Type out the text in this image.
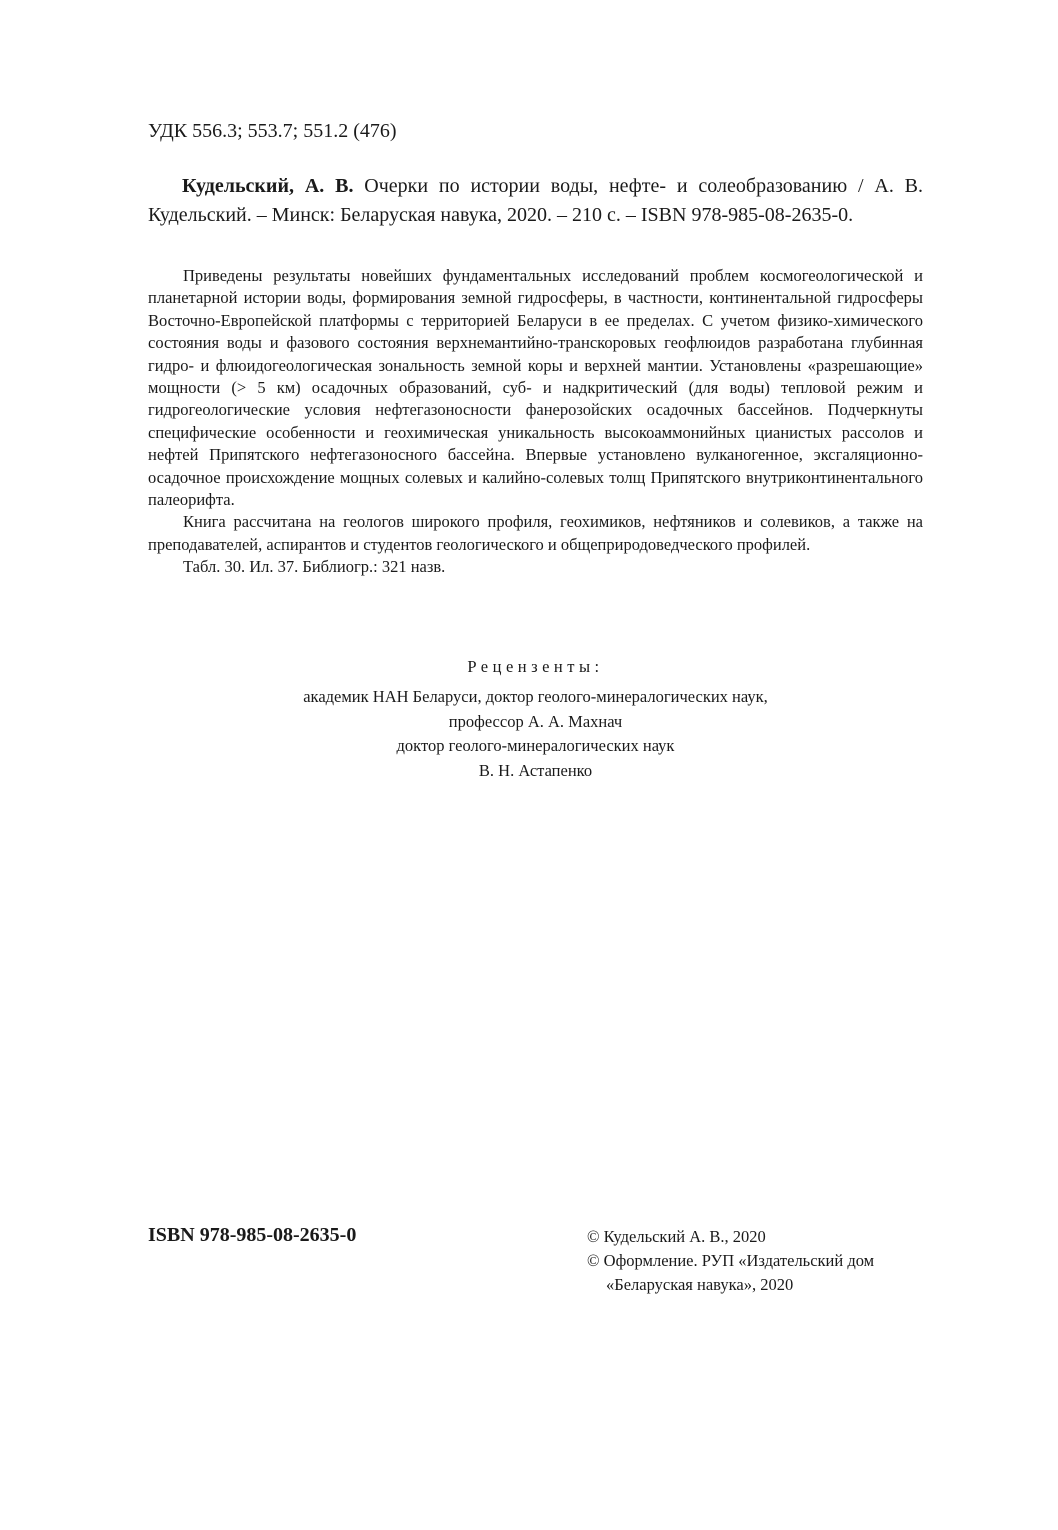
УДК 556.3; 553.7; 551.2 (476)
Кудельский, А. В. Очерки по истории воды, нефте- и солеобразованию / А. В. Кудельский. – Минск: Беларуская навука, 2020. – 210 с. – ISBN 978-985-08-2635-0.

Приведены результаты новейших фундаментальных исследований проблем космогеологической и планетарной истории воды, формирования земной гидросферы, в частности, континентальной гидросферы Восточно-Европейской платформы с территорией Беларуси в ее пределах. С учетом физико-химического состояния воды и фазового состояния верхнемантийно-транскоровых геофлюидов разработана глубинная гидро- и флюидогеологическая зональность земной коры и верхней мантии. Установлены «разрешающие» мощности (> 5 км) осадочных образований, суб- и надкритический (для воды) тепловой режим и гидрогеологические условия нефтегазоносности фанерозойских осадочных бассейнов. Подчеркнуты специфические особенности и геохимическая уникальность высокоаммонийных цианистых рассолов и нефтей Припятского нефтегазоносного бассейна. Впервые установлено вулканогенное, эксгаляционно-осадочное происхождение мощных солевых и калийно-солевых толщ Припятского внутриконтинентального палеорифта.

Книга рассчитана на геологов широкого профиля, геохимиков, нефтяников и солевиков, а также на преподавателей, аспирантов и студентов геологического и общеприродоведческого профилей.

Табл. 30. Ил. 37. Библиогр.: 321 назв.

Рецензенты:
академик НАН Беларуси, доктор геолого-минералогических наук,
профессор А. А. Махнач
доктор геолого-минералогических наук
В. Н. Астапенко
ISBN 978-985-08-2635-0	© Кудельский А. В., 2020
© Оформление. РУП «Издательский дом
«Беларуская навука», 2020
